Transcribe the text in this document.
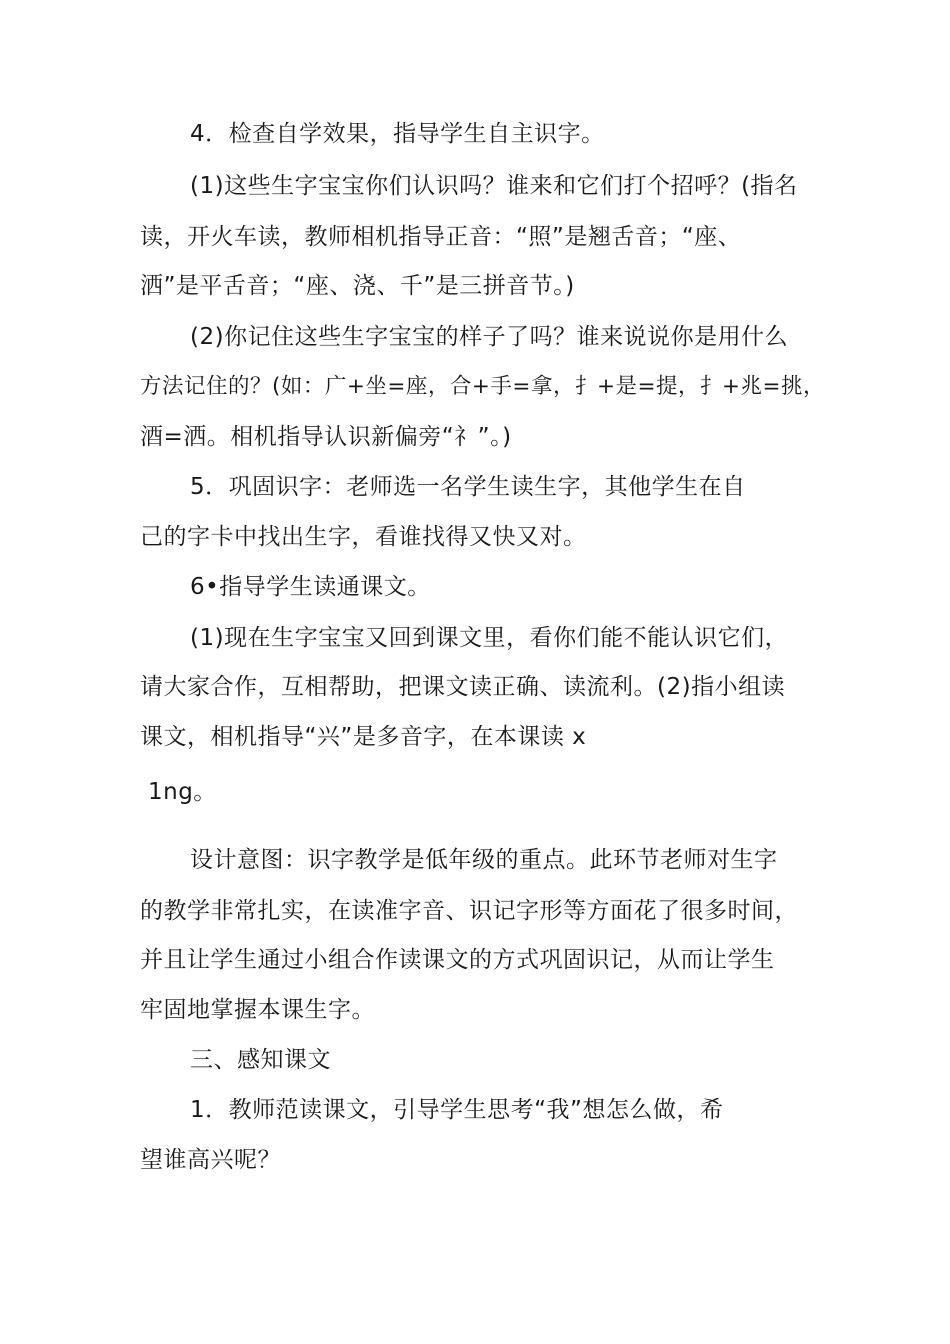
4．检查自学效果，指导学生自主识字。
(1)这些生字宝宝你们认识吗？谁来和它们打个招呼？(指名
读，开火车读，教师相机指导正音：“照”是翘舌音；“座、
洒”是平舌音；“座、浇、千”是三拼音节。)
(2)你记住这些生字宝宝的样子了吗？谁来说说你是用什么
方法记住的？(如：广+坐=座，合+手=拿，扌+是=提，扌+兆=挑，
酒=洒。相机指导认识新偏旁“礻”。)
5．巩固识字：老师选一名学生读生字，其他学生在自
己的字卡中找出生字，看谁找得又快又对。
6•指导学生读通课文。
(1)现在生字宝宝又回到课文里，看你们能不能认识它们，
请大家合作，互相帮助，把课文读正确、读流利。(2)指小组读
课文，相机指导“兴”是多音字，在本课读 x
1ng。
设计意图：识字教学是低年级的重点。此环节老师对生字
的教学非常扎实，在读准字音、识记字形等方面花了很多时间，
并且让学生通过小组合作读课文的方式巩固识记，从而让学生
牢固地掌握本课生字。
三、感知课文
1．教师范读课文，引导学生思考“我”想怎么做，希
望谁高兴呢？
